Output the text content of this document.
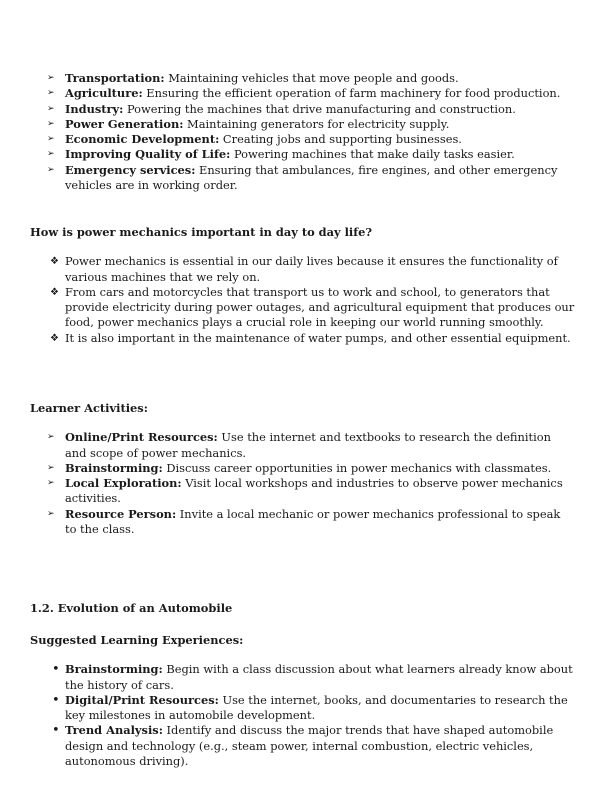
➢ Transportation: Maintaining vehicles that move people and goods.
➢ Agriculture: Ensuring the efficient operation of farm machinery for food production.
➢ Industry: Powering the machines that drive manufacturing and construction.
➢ Power Generation: Maintaining generators for electricity supply.
➢ Economic Development: Creating jobs and supporting businesses.
➢ Improving Quality of Life: Powering machines that make daily tasks easier.
➢ Emergency services: Ensuring that ambulances, fire engines, and other emergency vehicles are in working order.
How is power mechanics important in day to day life?
❖ Power mechanics is essential in our daily lives because it ensures the functionality of various machines that we rely on.
❖ From cars and motorcycles that transport us to work and school, to generators that provide electricity during power outages, and agricultural equipment that produces our food, power mechanics plays a crucial role in keeping our world running smoothly.
❖ It is also important in the maintenance of water pumps, and other essential equipment.
Learner Activities:
➢ Online/Print Resources: Use the internet and textbooks to research the definition and scope of power mechanics.
➢ Brainstorming: Discuss career opportunities in power mechanics with classmates.
➢ Local Exploration: Visit local workshops and industries to observe power mechanics activities.
➢ Resource Person: Invite a local mechanic or power mechanics professional to speak to the class.
1.2. Evolution of an Automobile
Suggested Learning Experiences:
• Brainstorming: Begin with a class discussion about what learners already know about the history of cars.
• Digital/Print Resources: Use the internet, books, and documentaries to research the key milestones in automobile development.
• Trend Analysis: Identify and discuss the major trends that have shaped automobile design and technology (e.g., steam power, internal combustion, electric vehicles, autonomous driving).
